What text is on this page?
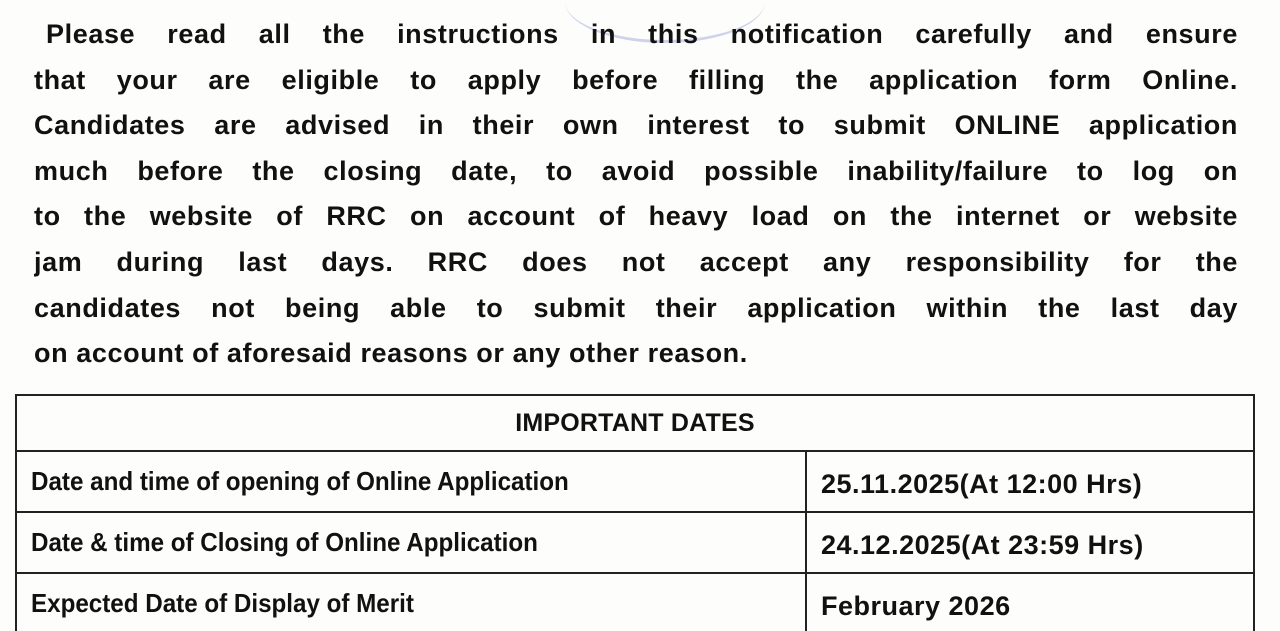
Please read all the instructions in this notification carefully and ensure
that your are eligible to apply before filling the application form Online.
Candidates are advised in their own interest to submit ONLINE application
much before the closing date, to avoid possible inability/failure to log on
to the website of RRC on account of heavy load on the internet or website
jam during last days. RRC does not accept any responsibility for the
candidates not being able to submit their application within the last day
on account of aforesaid reasons or any other reason.
IMPORTANT DATES	
Date and time of opening of Online Application	25.11.2025(At 12:00 Hrs)
Date & time of Closing of Online Application	24.12.2025(At 23:59 Hrs)
Expected Date of Display of Merit	February 2026
